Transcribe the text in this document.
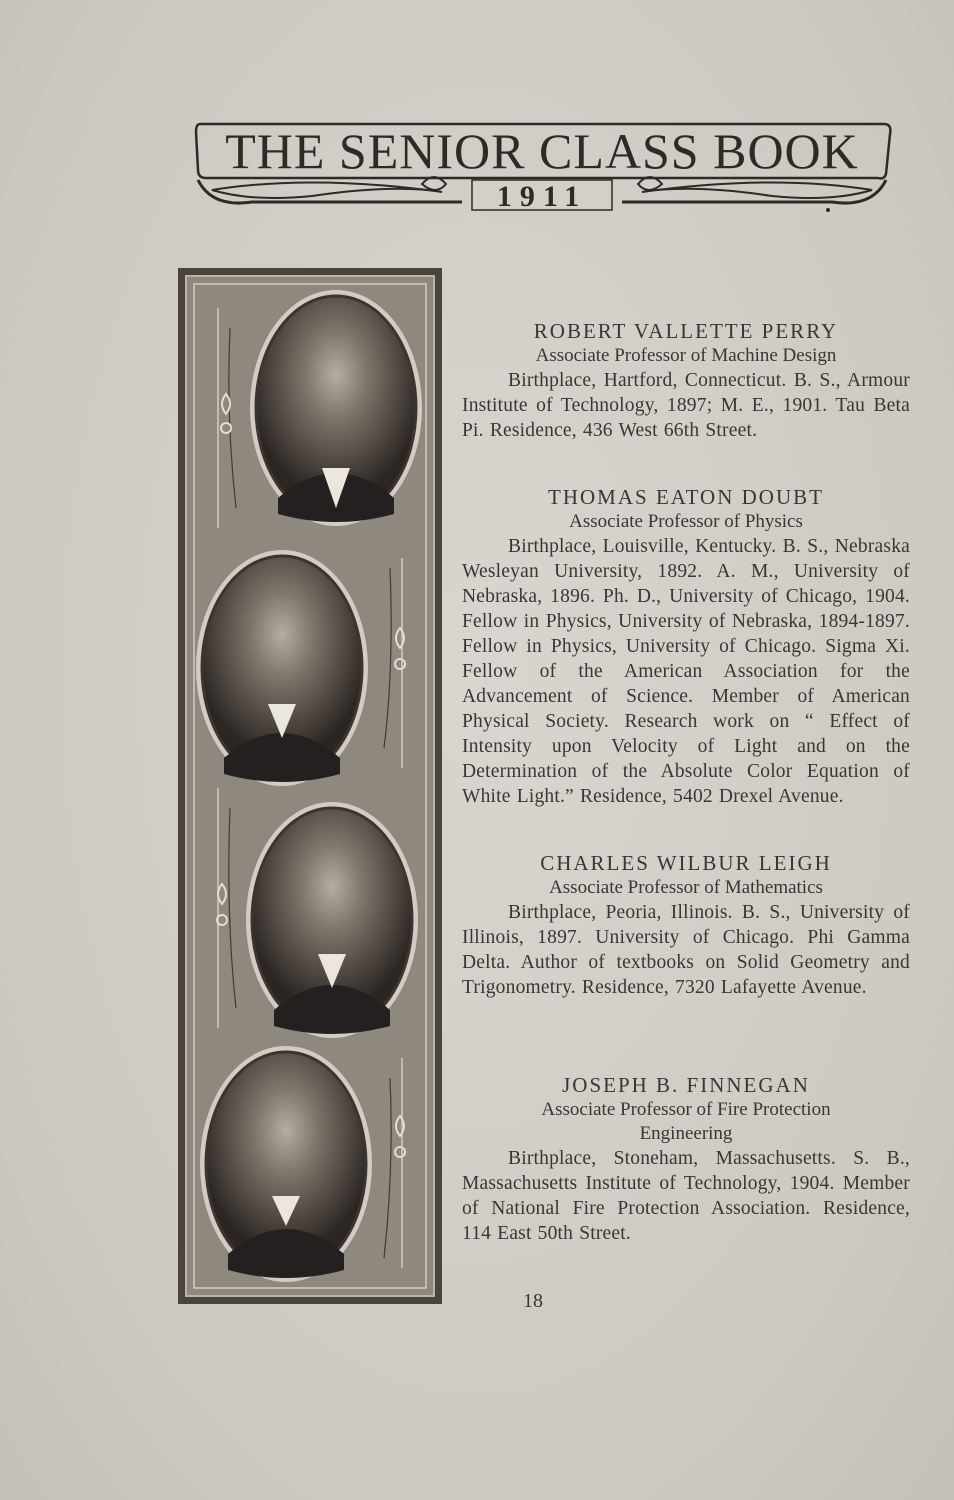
THE SENIOR CLASS BOOK
1911

ROBERT VALLETTE PERRY

Associate Professor of Machine Design

Birthplace, Hartford, Connecticut. B. S., Armour Institute of Technology, 1897; M. E., 1901. Tau Beta Pi. Residence, 436 West 66th Street.

THOMAS EATON DOUBT

Associate Professor of Physics

Birthplace, Louisville, Kentucky. B. S., Nebraska Wesleyan University, 1892. A. M., University of Nebraska, 1896. Ph. D., University of Chicago, 1904. Fellow in Physics, University of Nebraska, 1894-1897. Fellow in Physics, University of Chicago. Sigma Xi. Fellow of the American Association for the Advancement of Science. Member of American Physical Society. Research work on “ Effect of Intensity upon Velocity of Light and on the Determination of the Absolute Color Equation of White Light.” Residence, 5402 Drexel Avenue.

CHARLES WILBUR LEIGH

Associate Professor of Mathematics

Birthplace, Peoria, Illinois. B. S., University of Illinois, 1897. University of Chicago. Phi Gamma Delta. Author of textbooks on Solid Geometry and Trigonometry. Residence, 7320 Lafayette Avenue.

JOSEPH B. FINNEGAN

Associate Professor of Fire Protection Engineering

Birthplace, Stoneham, Massachusetts. S. B., Massachusetts Institute of Technology, 1904. Member of National Fire Protection Association. Residence, 114 East 50th Street.

18
